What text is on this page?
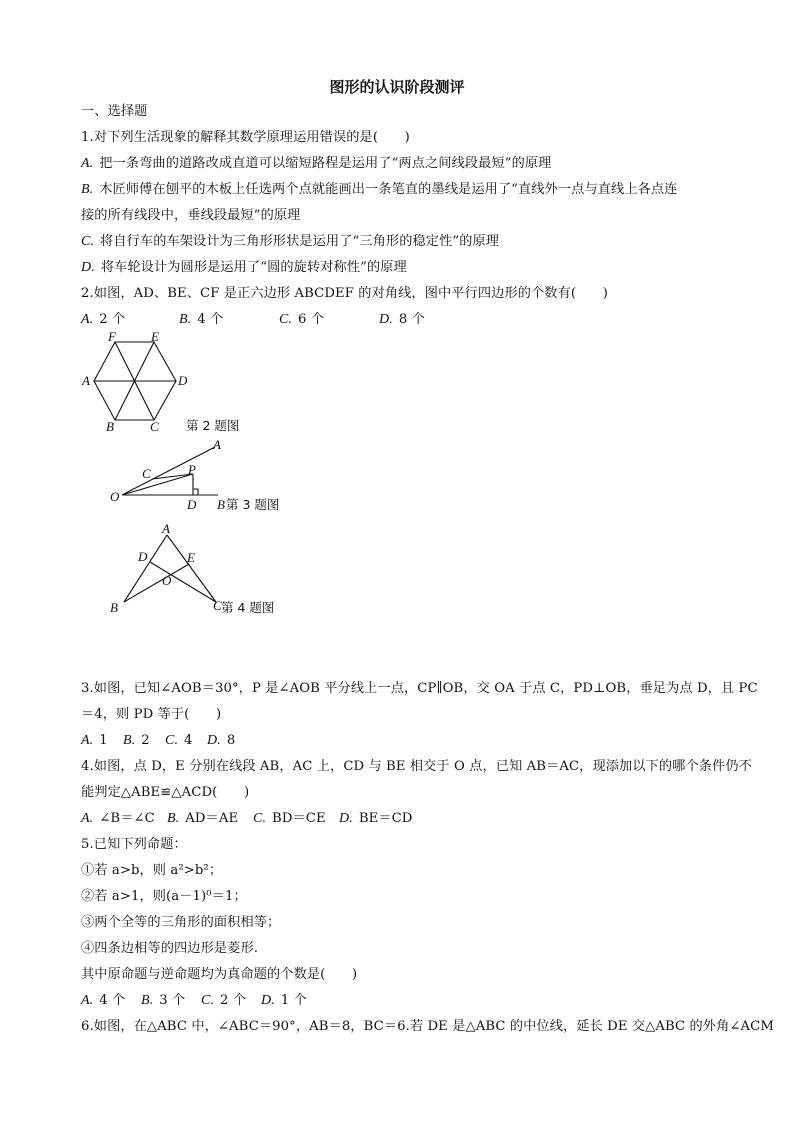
图形的认识阶段测评
一、选择题
1.对下列生活现象的解释其数学原理运用错误的是(　　)
A. 把一条弯曲的道路改成直道可以缩短路程是运用了“两点之间线段最短”的原理
B. 木匠师傅在刨平的木板上任选两个点就能画出一条笔直的墨线是运用了“直线外一点与直线上各点连
接的所有线段中，垂线段最短”的原理
C. 将自行车的车架设计为三角形形状是运用了“三角形的稳定性”的原理
D. 将车轮设计为圆形是运用了“圆的旋转对称性”的原理
2.如图，AD、BE、CF 是正六边形 ABCDEF 的对角线，图中平行四边形的个数有(　　)
A. 2 个	B. 4 个	C. 6 个	D. 8 个
F	E
A	D
B	C 第 2 题图
A
C	P
O
D B 第 3 题图
A
D	E
O
B	C 第 4 题图
3.如图，已知∠AOB＝30°，P 是∠AOB 平分线上一点，CP∥OB，交 OA 于点 C，PD⊥OB，垂足为点 D，且 PC
＝4，则 PD 等于(　　)
A. 1 B. 2 C. 4 D. 8
4.如图，点 D，E 分别在线段 AB，AC 上，CD 与 BE 相交于 O 点，已知 AB＝AC，现添加以下的哪个条件仍不
能判定△ABE≌△ACD(　　)
A. ∠B＝∠C B. AD＝AE C. BD＝CE D. BE＝CD
5.已知下列命题：
①若 a>b，则 a²>b²；
②若 a>1，则(a－1)⁰＝1；
③两个全等的三角形的面积相等；
④四条边相等的四边形是菱形.
其中原命题与逆命题均为真命题的个数是(　　)
A. 4 个 B. 3 个 C. 2 个 D. 1 个
6.如图，在△ABC 中，∠ABC＝90°，AB＝8，BC＝6.若 DE 是△ABC 的中位线，延长 DE 交△ABC 的外角∠ACM
